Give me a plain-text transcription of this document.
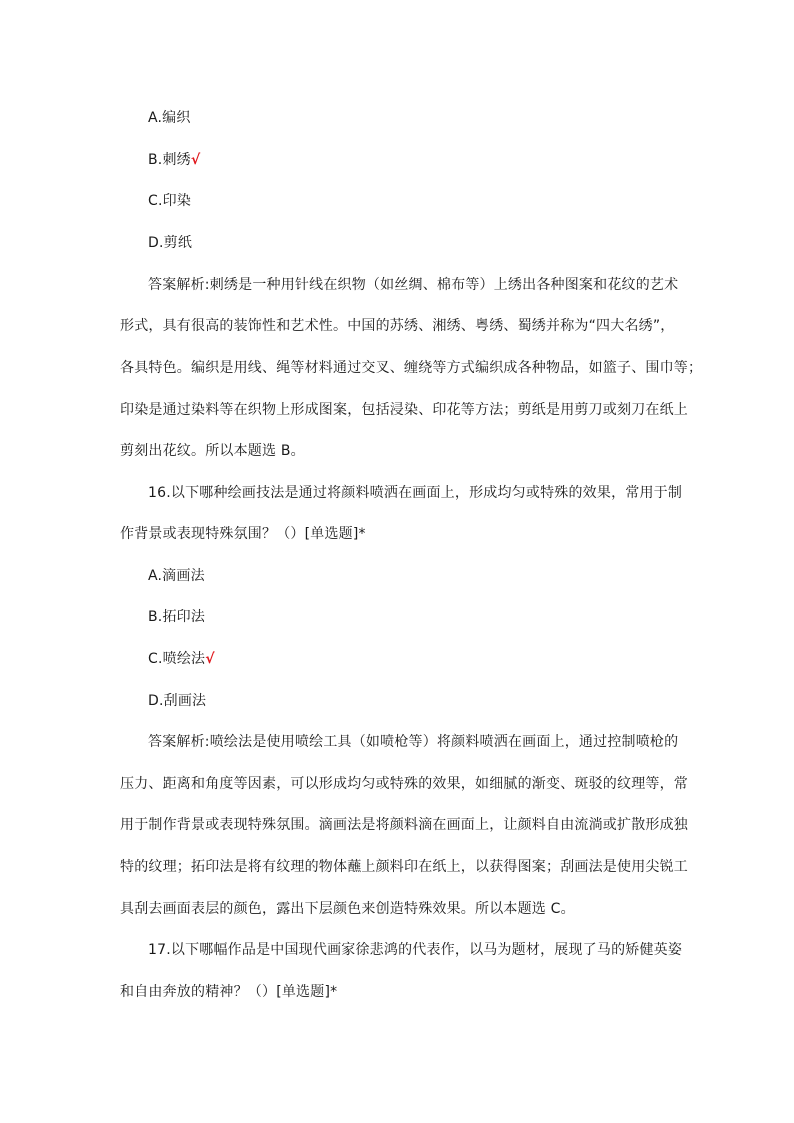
A.编织
B.刺绣√
C.印染
D.剪纸
答案解析:刺绣是一种用针线在织物（如丝绸、棉布等）上绣出各种图案和花纹的艺术
形式，具有很高的装饰性和艺术性。中国的苏绣、湘绣、粤绣、蜀绣并称为“四大名绣”，
各具特色。编织是用线、绳等材料通过交叉、缠绕等方式编织成各种物品，如篮子、围巾等；
印染是通过染料等在织物上形成图案，包括浸染、印花等方法；剪纸是用剪刀或刻刀在纸上
剪刻出花纹。所以本题选 B。
16.以下哪种绘画技法是通过将颜料喷洒在画面上，形成均匀或特殊的效果，常用于制
作背景或表现特殊氛围？（）[单选题]*
A.滴画法
B.拓印法
C.喷绘法√
D.刮画法
答案解析:喷绘法是使用喷绘工具（如喷枪等）将颜料喷洒在画面上，通过控制喷枪的
压力、距离和角度等因素，可以形成均匀或特殊的效果，如细腻的渐变、斑驳的纹理等，常
用于制作背景或表现特殊氛围。滴画法是将颜料滴在画面上，让颜料自由流淌或扩散形成独
特的纹理；拓印法是将有纹理的物体蘸上颜料印在纸上，以获得图案；刮画法是使用尖锐工
具刮去画面表层的颜色，露出下层颜色来创造特殊效果。所以本题选 C。
17.以下哪幅作品是中国现代画家徐悲鸿的代表作，以马为题材，展现了马的矫健英姿
和自由奔放的精神？（）[单选题]*
